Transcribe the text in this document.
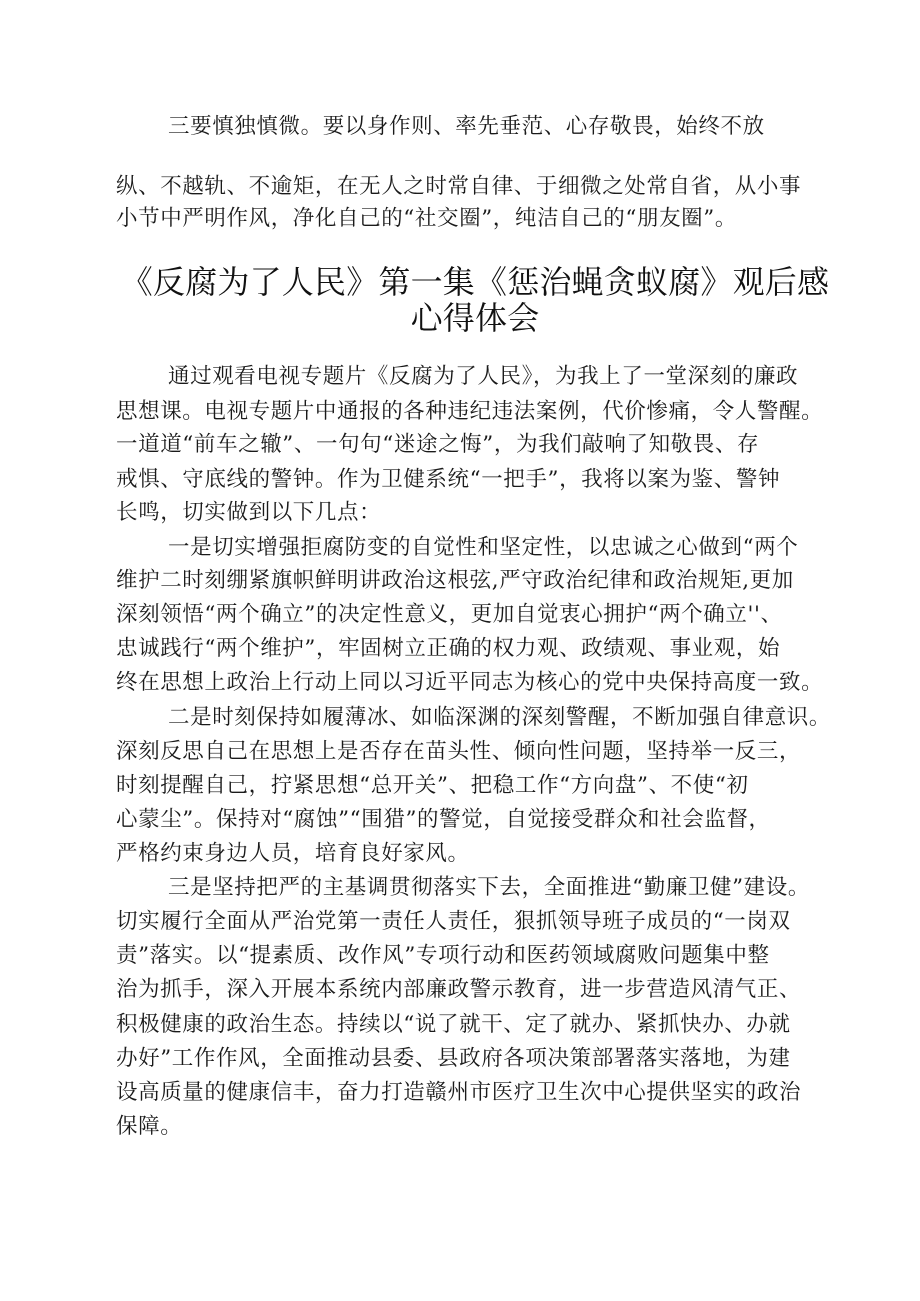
三要慎独慎微。要以身作则、率先垂范、心存敬畏，始终不放
纵、不越轨、不逾矩，在无人之时常自律、于细微之处常自省，从小事
小节中严明作风，净化自己的“社交圈”，纯洁自己的“朋友圈”。
《反腐为了人民》第一集《惩治蝇贪蚁腐》观后感
心得体会
通过观看电视专题片《反腐为了人民》，为我上了一堂深刻的廉政
思想课。电视专题片中通报的各种违纪违法案例，代价惨痛，令人警醒。
一道道“前车之辙”、一句句“迷途之悔”，为我们敲响了知敬畏、存
戒惧、守底线的警钟。作为卫健系统“一把手”，我将以案为鉴、警钟
长鸣，切实做到以下几点：
一是切实增强拒腐防变的自觉性和坚定性，以忠诚之心做到“两个
维护二时刻绷紧旗帜鲜明讲政治这根弦,严守政治纪律和政治规矩,更加
深刻领悟“两个确立”的决定性意义，更加自觉衷心拥护“两个确立''、
忠诚践行“两个维护”，牢固树立正确的权力观、政绩观、事业观，始
终在思想上政治上行动上同以习近平同志为核心的党中央保持高度一致。
二是时刻保持如履薄冰、如临深渊的深刻警醒，不断加强自律意识。
深刻反思自己在思想上是否存在苗头性、倾向性问题，坚持举一反三，
时刻提醒自己，拧紧思想“总开关”、把稳工作“方向盘”、不使“初
心蒙尘”。保持对“腐蚀”“围猎”的警觉，自觉接受群众和社会监督，
严格约束身边人员，培育良好家风。
三是坚持把严的主基调贯彻落实下去，全面推进“勤廉卫健”建设。
切实履行全面从严治党第一责任人责任，狠抓领导班子成员的“一岗双
责”落实。以“提素质、改作风”专项行动和医药领域腐败问题集中整
治为抓手，深入开展本系统内部廉政警示教育，进一步营造风清气正、
积极健康的政治生态。持续以“说了就干、定了就办、紧抓快办、办就
办好”工作作风，全面推动县委、县政府各项决策部署落实落地，为建
设高质量的健康信丰，奋力打造赣州市医疗卫生次中心提供坚实的政治
保障。
